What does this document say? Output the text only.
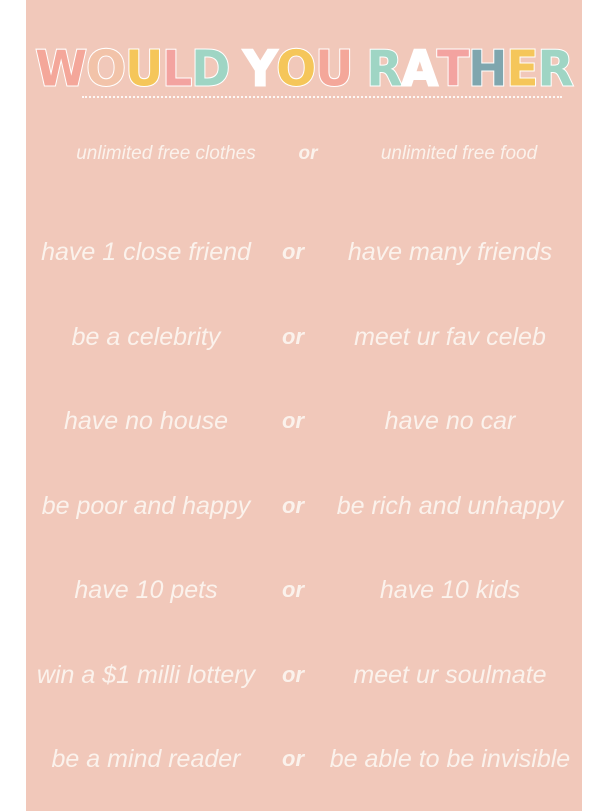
WOULD YOU RATHER
unlimited free clothes	or	unlimited free food
have 1 close friend	or	have many friends
be a celebrity	or	meet ur fav celeb
have no house	or	have no car
be poor and happy	or	be rich and unhappy
have 10 pets	or	have 10 kids
win a $1 milli lottery	or	meet ur soulmate
be a mind reader	or	be able to be invisible
